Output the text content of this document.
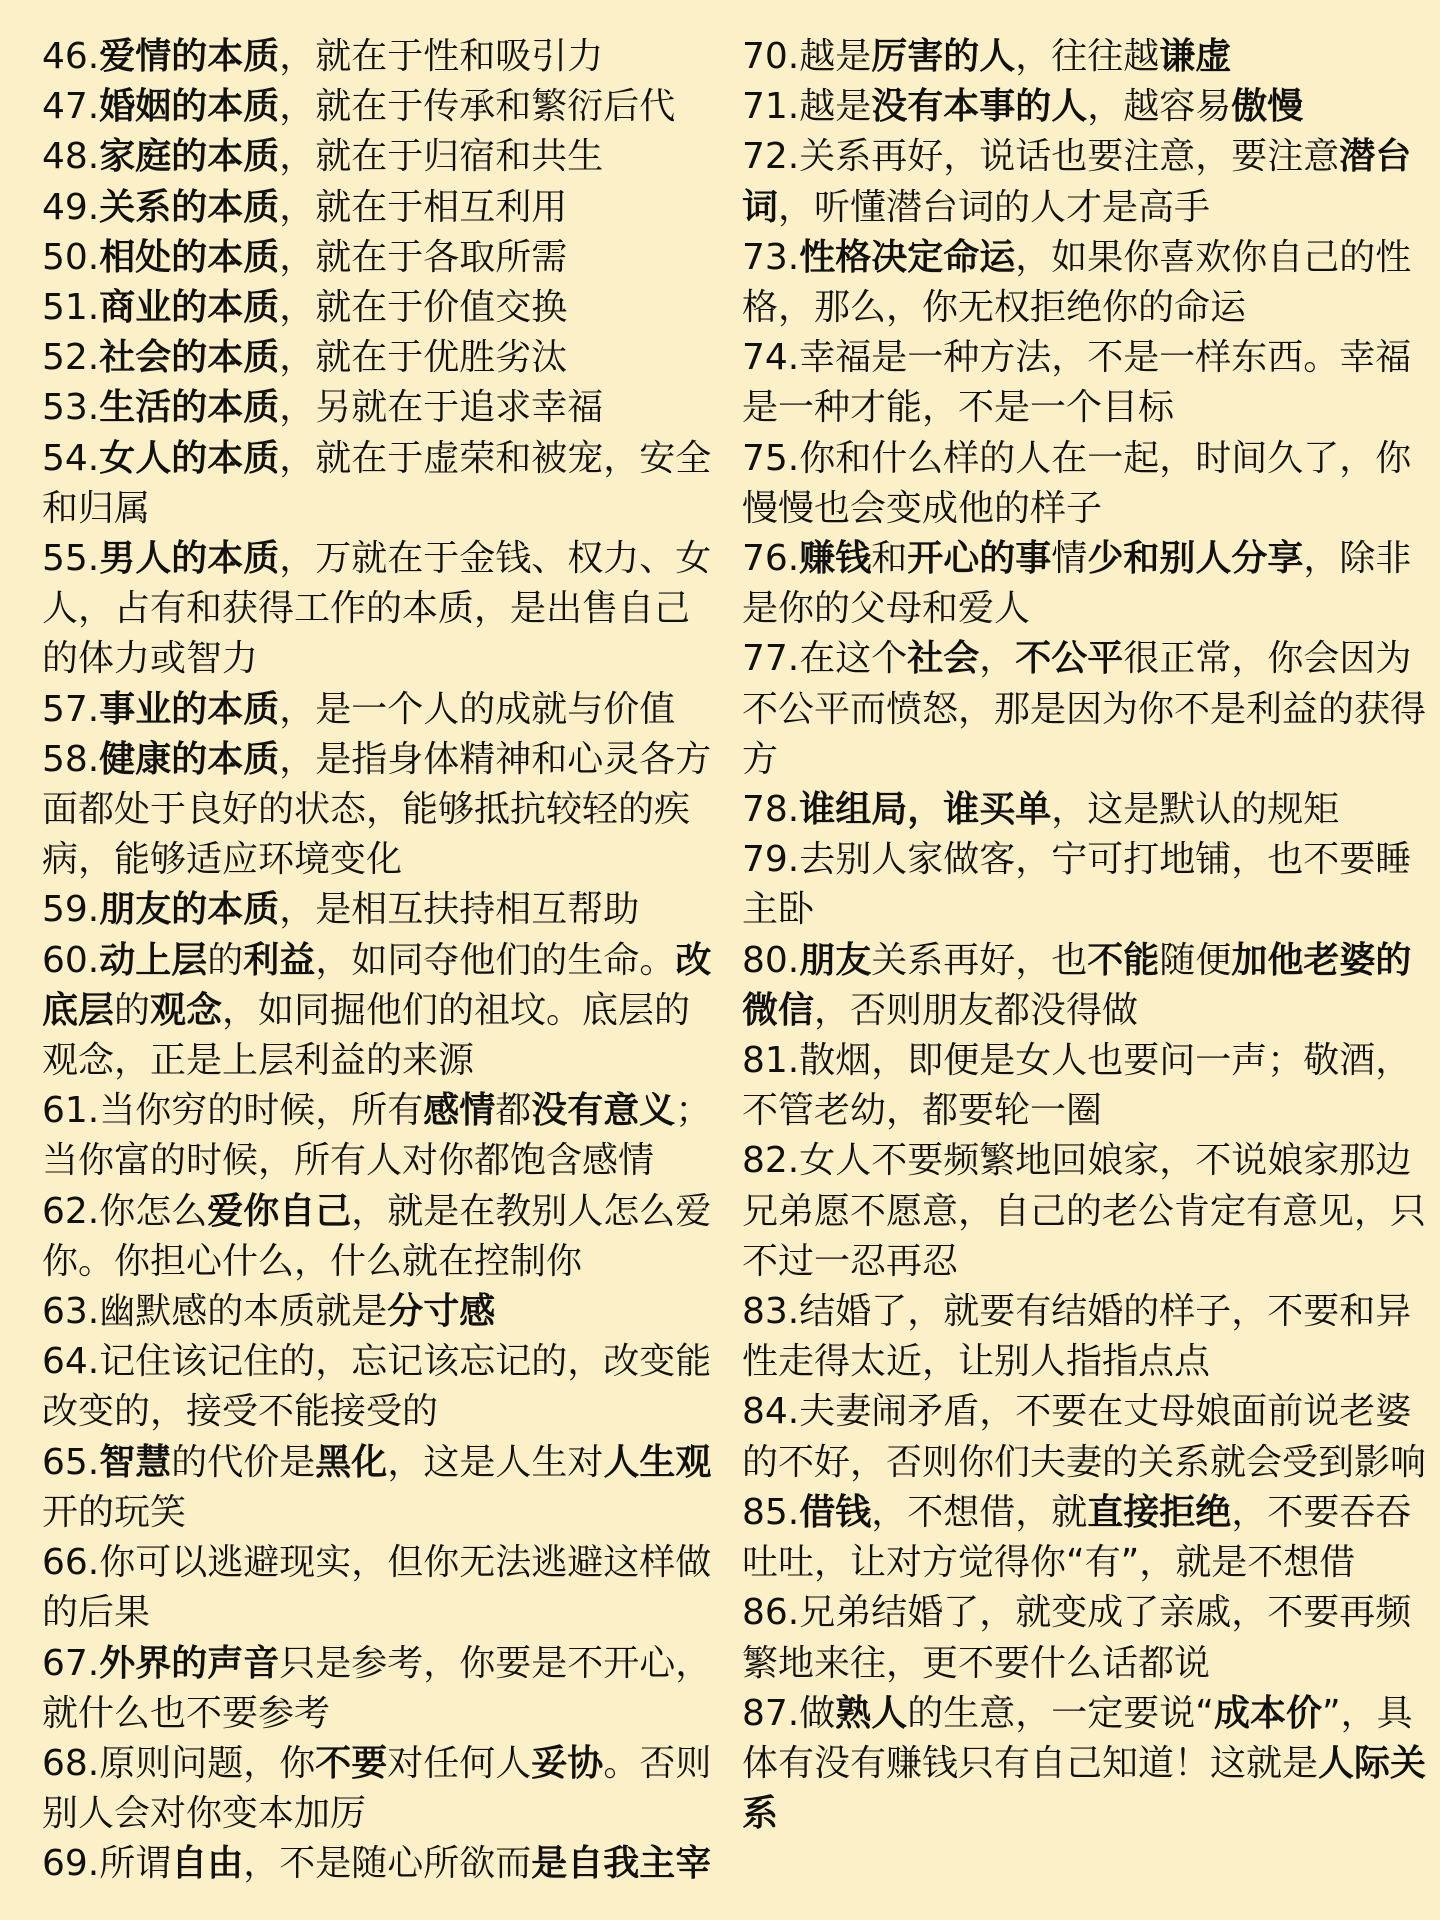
46.爱情的本质，就在于性和吸引力
47.婚姻的本质，就在于传承和繁衍后代
48.家庭的本质，就在于归宿和共生
49.关系的本质，就在于相互利用
50.相处的本质，就在于各取所需
51.商业的本质，就在于价值交换
52.社会的本质，就在于优胜劣汰
53.生活的本质，另就在于追求幸福
54.女人的本质，就在于虚荣和被宠，安全和归属
55.男人的本质，万就在于金钱、权力、女人，占有和获得工作的本质，是出售自己的体力或智力
57.事业的本质，是一个人的成就与价值
58.健康的本质，是指身体精神和心灵各方面都处于良好的状态，能够抵抗较轻的疾病，能够适应环境变化
59.朋友的本质，是相互扶持相互帮助
60.动上层的利益，如同夺他们的生命。改底层的观念，如同掘他们的祖坟。底层的观念，正是上层利益的来源
61.当你穷的时候，所有感情都没有意义；当你富的时候，所有人对你都饱含感情
62.你怎么爱你自己，就是在教别人怎么爱你。你担心什么，什么就在控制你
63.幽默感的本质就是分寸感
64.记住该记住的，忘记该忘记的，改变能改变的，接受不能接受的
65.智慧的代价是黑化，这是人生对人生观开的玩笑
66.你可以逃避现实，但你无法逃避这样做的后果
67.外界的声音只是参考，你要是不开心，就什么也不要参考
68.原则问题，你不要对任何人妥协。否则别人会对你变本加厉
69.所谓自由，不是随心所欲而是自我主宰
70.越是厉害的人，往往越谦虚
71.越是没有本事的人，越容易傲慢
72.关系再好，说话也要注意，要注意潜台词，听懂潜台词的人才是高手
73.性格决定命运，如果你喜欢你自己的性格，那么，你无权拒绝你的命运
74.幸福是一种方法，不是一样东西。幸福是一种才能，不是一个目标
75.你和什么样的人在一起，时间久了，你慢慢也会变成他的样子
76.赚钱和开心的事情少和别人分享，除非是你的父母和爱人
77.在这个社会，不公平很正常，你会因为不公平而愤怒，那是因为你不是利益的获得方
78.谁组局，谁买单，这是默认的规矩
79.去别人家做客，宁可打地铺，也不要睡主卧
80.朋友关系再好，也不能随便加他老婆的微信，否则朋友都没得做
81.散烟，即便是女人也要问一声；敬酒，不管老幼，都要轮一圈
82.女人不要频繁地回娘家，不说娘家那边兄弟愿不愿意，自己的老公肯定有意见，只不过一忍再忍
83.结婚了，就要有结婚的样子，不要和异性走得太近，让别人指指点点
84.夫妻闹矛盾，不要在丈母娘面前说老婆的不好，否则你们夫妻的关系就会受到影响
85.借钱，不想借，就直接拒绝，不要吞吞吐吐，让对方觉得你“有”，就是不想借
86.兄弟结婚了，就变成了亲戚，不要再频繁地来往，更不要什么话都说
87.做熟人的生意，一定要说“成本价”，具体有没有赚钱只有自己知道！这就是人际关系
